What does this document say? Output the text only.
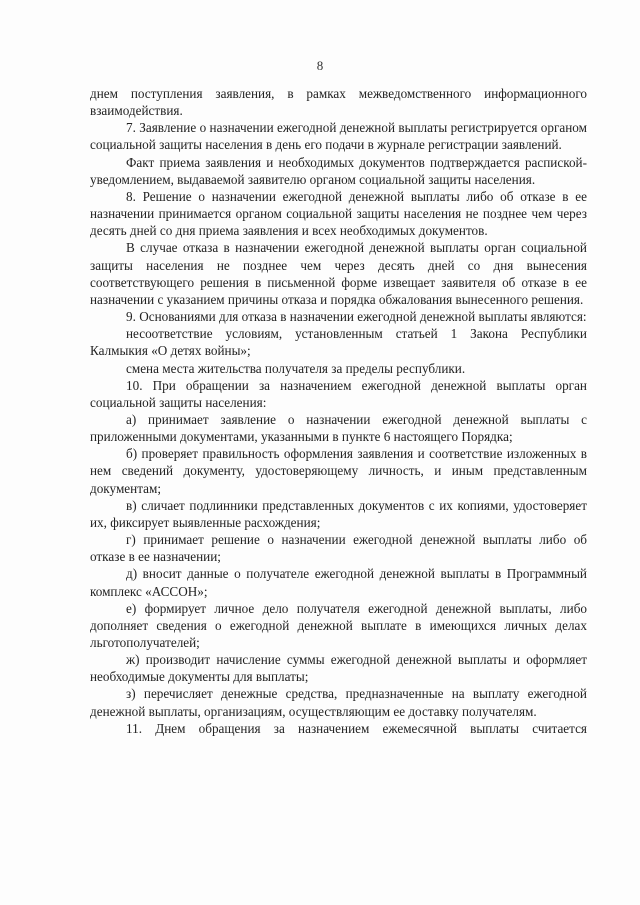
8

днем поступления заявления, в рамках межведомственного информационного взаимодействия.

7. Заявление о назначении ежегодной денежной выплаты регистрируется органом социальной защиты населения в день его подачи в журнале регистрации заявлений.

Факт приема заявления и необходимых документов подтверждается распиской-уведомлением, выдаваемой заявителю органом социальной защиты населения.

8. Решение о назначении ежегодной денежной выплаты либо об отказе в ее назначении принимается органом социальной защиты населения не позднее чем через десять дней со дня приема заявления и всех необходимых документов.

В случае отказа в назначении ежегодной денежной выплаты орган социальной защиты населения не позднее чем через десять дней со дня вынесения соответствующего решения в письменной форме извещает заявителя об отказе в ее назначении с указанием причины отказа и порядка обжалования вынесенного решения.

9. Основаниями для отказа в назначении ежегодной денежной выплаты являются:

несоответствие условиям, установленным статьей 1 Закона Республики Калмыкия «О детях войны»;

смена места жительства получателя за пределы республики.

10. При обращении за назначением ежегодной денежной выплаты орган социальной защиты населения:

а) принимает заявление о назначении ежегодной денежной выплаты с приложенными документами, указанными в пункте 6 настоящего Порядка;

б) проверяет правильность оформления заявления и соответствие изложенных в нем сведений документу, удостоверяющему личность, и иным представленным документам;

в) сличает подлинники представленных документов с их копиями, удостоверяет их, фиксирует выявленные расхождения;

г) принимает решение о назначении ежегодной денежной выплаты либо об отказе в ее назначении;

д) вносит данные о получателе ежегодной денежной выплаты в Программный комплекс «АССОН»;

е) формирует личное дело получателя ежегодной денежной выплаты, либо дополняет сведения о ежегодной денежной выплате в имеющихся личных делах льготополучателей;

ж) производит начисление суммы ежегодной денежной выплаты и оформляет необходимые документы для выплаты;

з) перечисляет денежные средства, предназначенные на выплату ежегодной денежной выплаты, организациям, осуществляющим ее доставку получателям.

11. Днем обращения за назначением ежемесячной выплаты считается
